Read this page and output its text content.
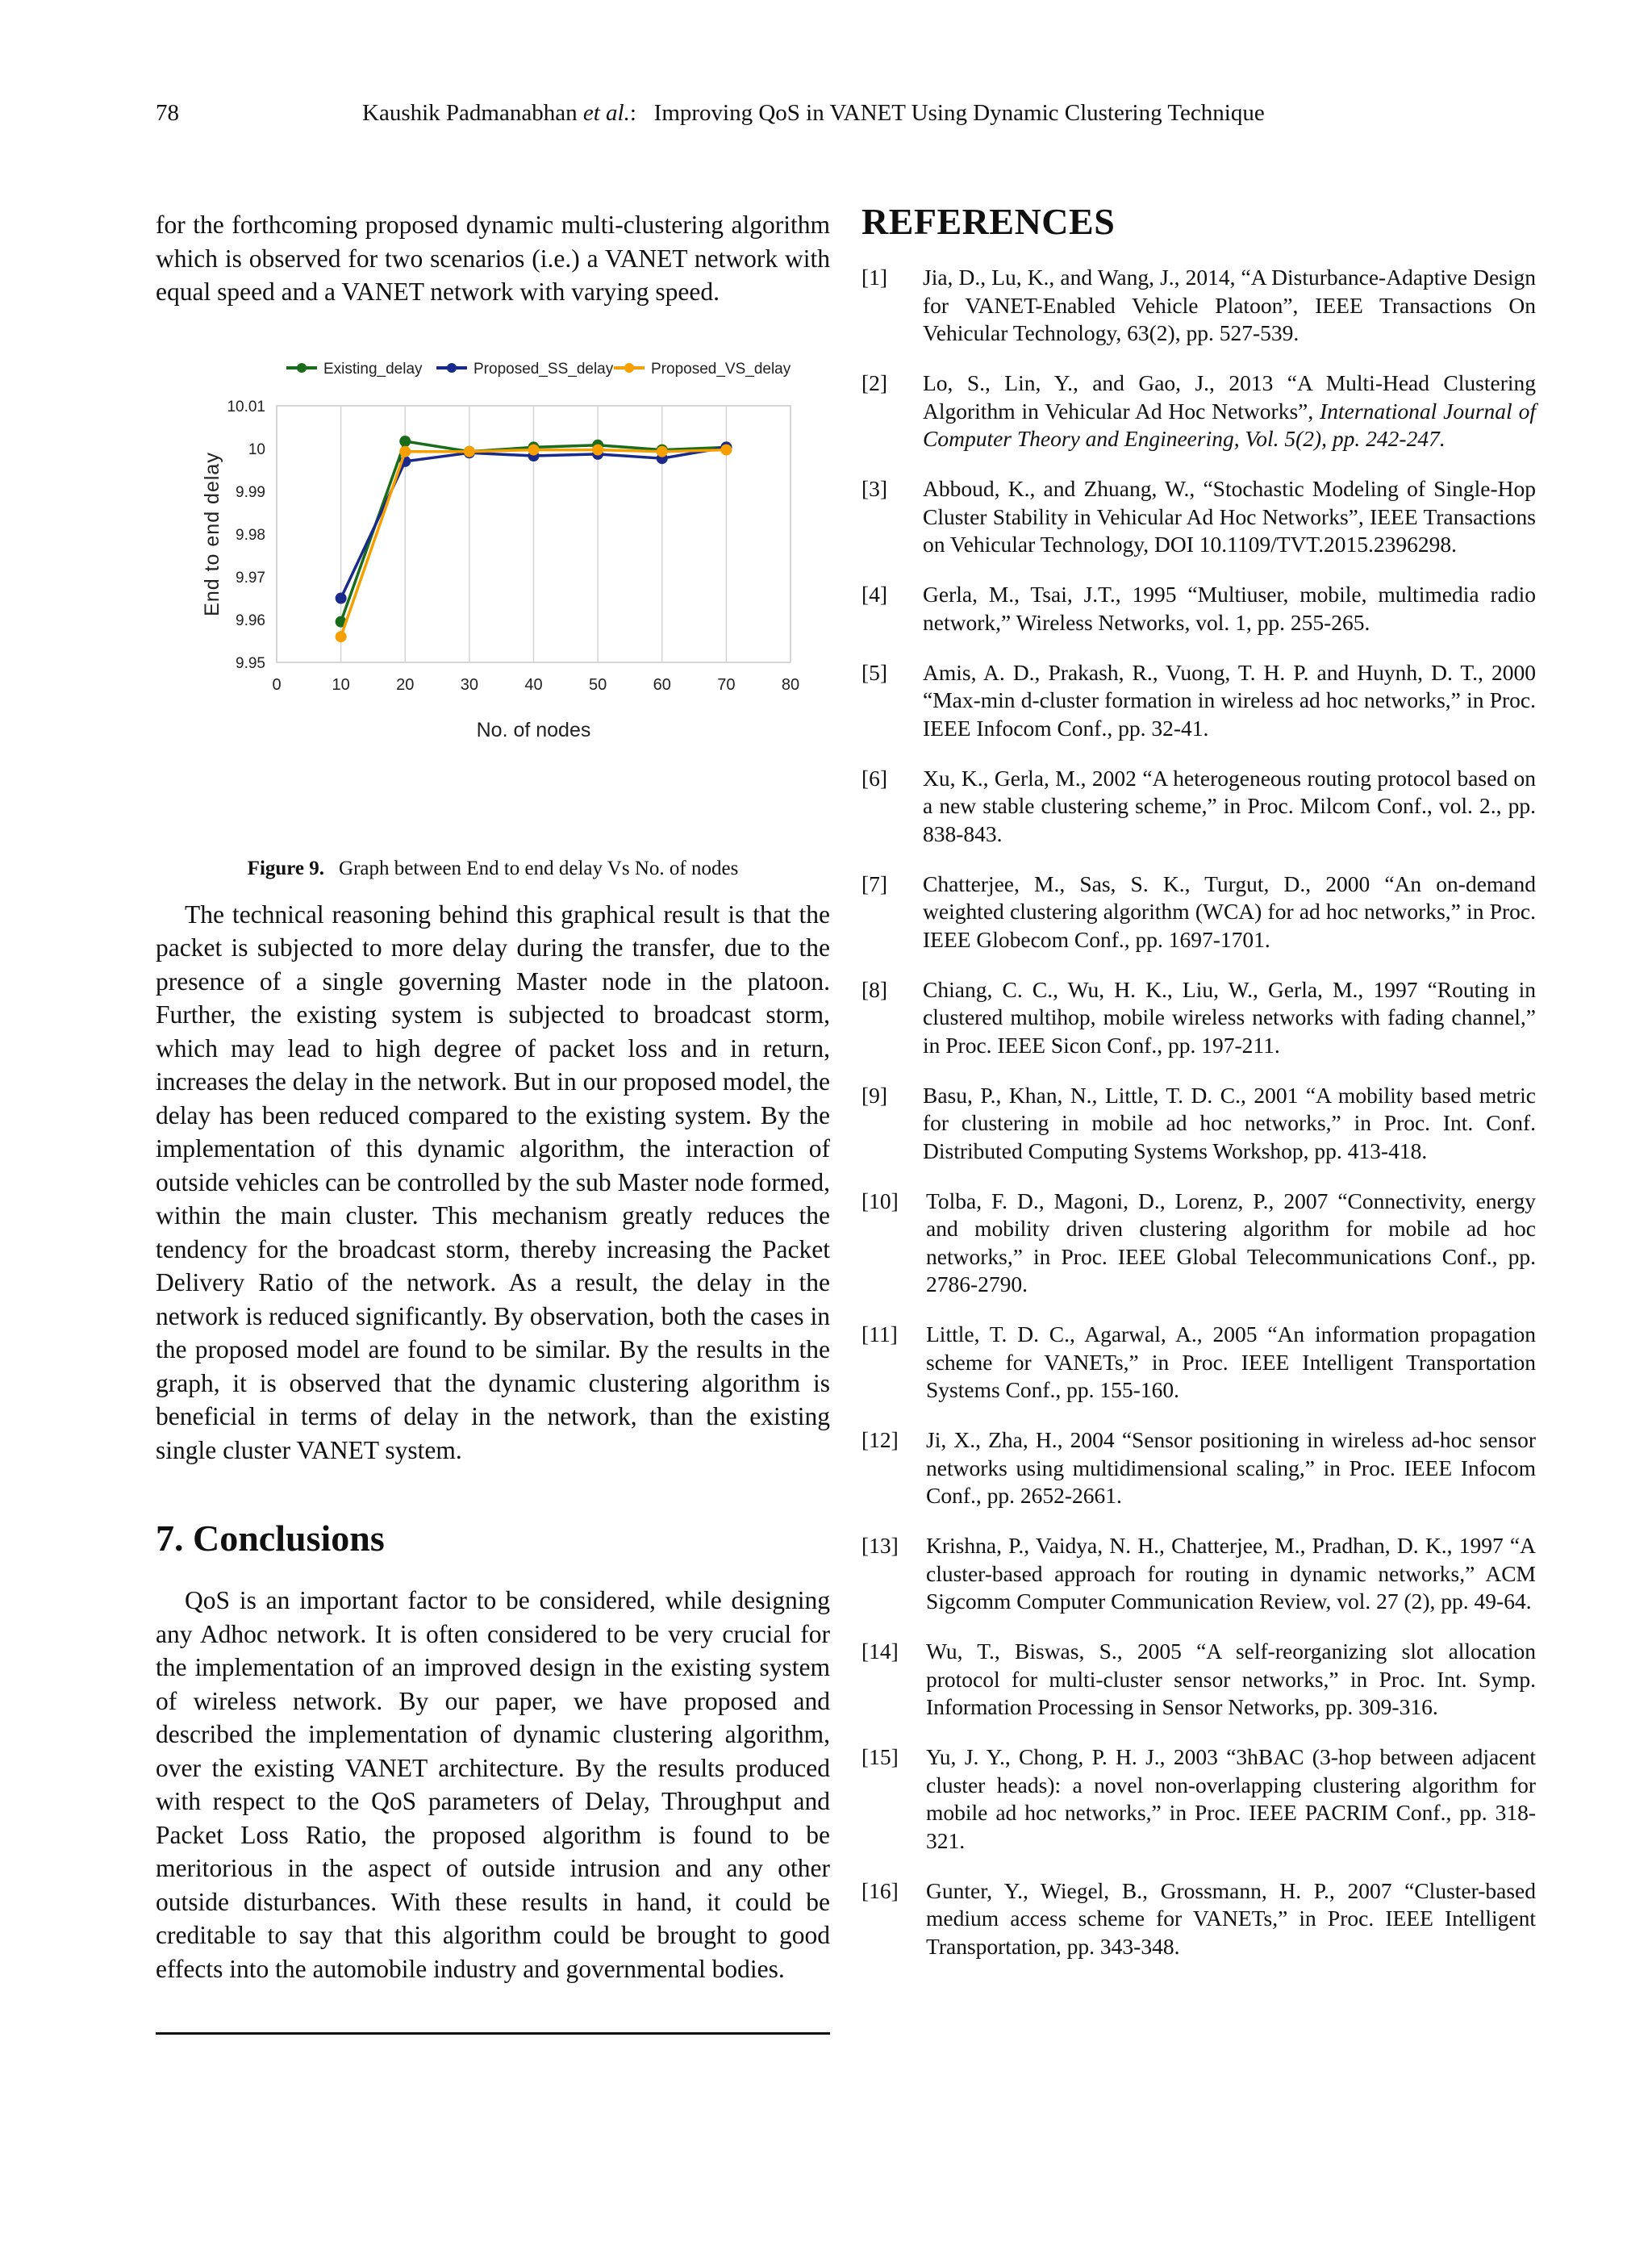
78	Kaushik Padmanabhan et al.: Improving QoS in VANET Using Dynamic Clustering Technique

for the forthcoming proposed dynamic multi-clustering algorithm which is observed for two scenarios (i.e.) a VANET network with equal speed and a VANET network with varying speed.

0	10	20	30	40	50	60	70	80
9.95
9.96
9.97
9.98
9.99
10
10.01
No. of nodes
End to end delay
Existing_delay	Proposed_SS_delay Proposed_VS_delay

Figure 9. Graph between End to end delay Vs No. of nodes

The technical reasoning behind this graphical result is that the packet is subjected to more delay during the transfer, due to the presence of a single governing Master node in the platoon. Further, the existing system is subjected to broadcast storm, which may lead to high degree of packet loss and in return, increases the delay in the network. But in our proposed model, the delay has been reduced compared to the existing system. By the implementation of this dynamic algorithm, the interaction of outside vehicles can be controlled by the sub Master node formed, within the main cluster. This mechanism greatly reduces the tendency for the broadcast storm, thereby increasing the Packet Delivery Ratio of the network. As a result, the delay in the network is reduced significantly. By observation, both the cases in the proposed model are found to be similar. By the results in the graph, it is observed that the dynamic clustering algorithm is beneficial in terms of delay in the network, than the existing single cluster VANET system.

7. Conclusions

QoS is an important factor to be considered, while designing any Adhoc network. It is often considered to be very crucial for the implementation of an improved design in the existing system of wireless network. By our paper, we have proposed and described the implementation of dynamic clustering algorithm, over the existing VANET architecture. By the results produced with respect to the QoS parameters of Delay, Throughput and Packet Loss Ratio, the proposed algorithm is found to be meritorious in the aspect of outside intrusion and any other outside disturbances. With these results in hand, it could be creditable to say that this algorithm could be brought to good effects into the automobile industry and governmental bodies.

REFERENCES
[1] Jia, D., Lu, K., and Wang, J., 2014, “A Disturbance-Adaptive Design for VANET-Enabled Vehicle Platoon”, IEEE Transactions On Vehicular Technology, 63(2), pp. 527-539.
[2] Lo, S., Lin, Y., and Gao, J., 2013 “A Multi-Head Clustering Algorithm in Vehicular Ad Hoc Networks”, International Journal of Computer Theory and Engineering, Vol. 5(2), pp. 242-247.
[3] Abboud, K., and Zhuang, W., “Stochastic Modeling of Single-Hop Cluster Stability in Vehicular Ad Hoc Networks”, IEEE Transactions on Vehicular Technology, DOI 10.1109/TVT.2015.2396298.
[4] Gerla, M., Tsai, J.T., 1995 “Multiuser, mobile, multimedia radio network,” Wireless Networks, vol. 1, pp. 255-265.
[5] Amis, A. D., Prakash, R., Vuong, T. H. P. and Huynh, D. T., 2000 “Max-min d-cluster formation in wireless ad hoc networks,” in Proc. IEEE Infocom Conf., pp. 32-41.
[6] Xu, K., Gerla, M., 2002 “A heterogeneous routing protocol based on a new stable clustering scheme,” in Proc. Milcom Conf., vol. 2., pp. 838-843.
[7] Chatterjee, M., Sas, S. K., Turgut, D., 2000 “An on-demand weighted clustering algorithm (WCA) for ad hoc networks,” in Proc. IEEE Globecom Conf., pp. 1697-1701.
[8] Chiang, C. C., Wu, H. K., Liu, W., Gerla, M., 1997 “Routing in clustered multihop, mobile wireless networks with fading channel,” in Proc. IEEE Sicon Conf., pp. 197-211.
[9] Basu, P., Khan, N., Little, T. D. C., 2001 “A mobility based metric for clustering in mobile ad hoc networks,” in Proc. Int. Conf. Distributed Computing Systems Workshop, pp. 413-418.
[10] Tolba, F. D., Magoni, D., Lorenz, P., 2007 “Connectivity, energy and mobility driven clustering algorithm for mobile ad hoc networks,” in Proc. IEEE Global Telecommunications Conf., pp. 2786-2790.
[11] Little, T. D. C., Agarwal, A., 2005 “An information propagation scheme for VANETs,” in Proc. IEEE Intelligent Transportation Systems Conf., pp. 155-160.
[12] Ji, X., Zha, H., 2004 “Sensor positioning in wireless ad-hoc sensor networks using multidimensional scaling,” in Proc. IEEE Infocom Conf., pp. 2652-2661.
[13] Krishna, P., Vaidya, N. H., Chatterjee, M., Pradhan, D. K., 1997 “A cluster-based approach for routing in dynamic networks,” ACM Sigcomm Computer Communication Review, vol. 27 (2), pp. 49-64.
[14] Wu, T., Biswas, S., 2005 “A self-reorganizing slot allocation protocol for multi-cluster sensor networks,” in Proc. Int. Symp. Information Processing in Sensor Networks, pp. 309-316.
[15] Yu, J. Y., Chong, P. H. J., 2003 “3hBAC (3-hop between adjacent cluster heads): a novel non-overlapping clustering algorithm for mobile ad hoc networks,” in Proc. IEEE PACRIM Conf., pp. 318-321.
[16] Gunter, Y., Wiegel, B., Grossmann, H. P., 2007 “Cluster-based medium access scheme for VANETs,” in Proc. IEEE Intelligent Transportation, pp. 343-348.
